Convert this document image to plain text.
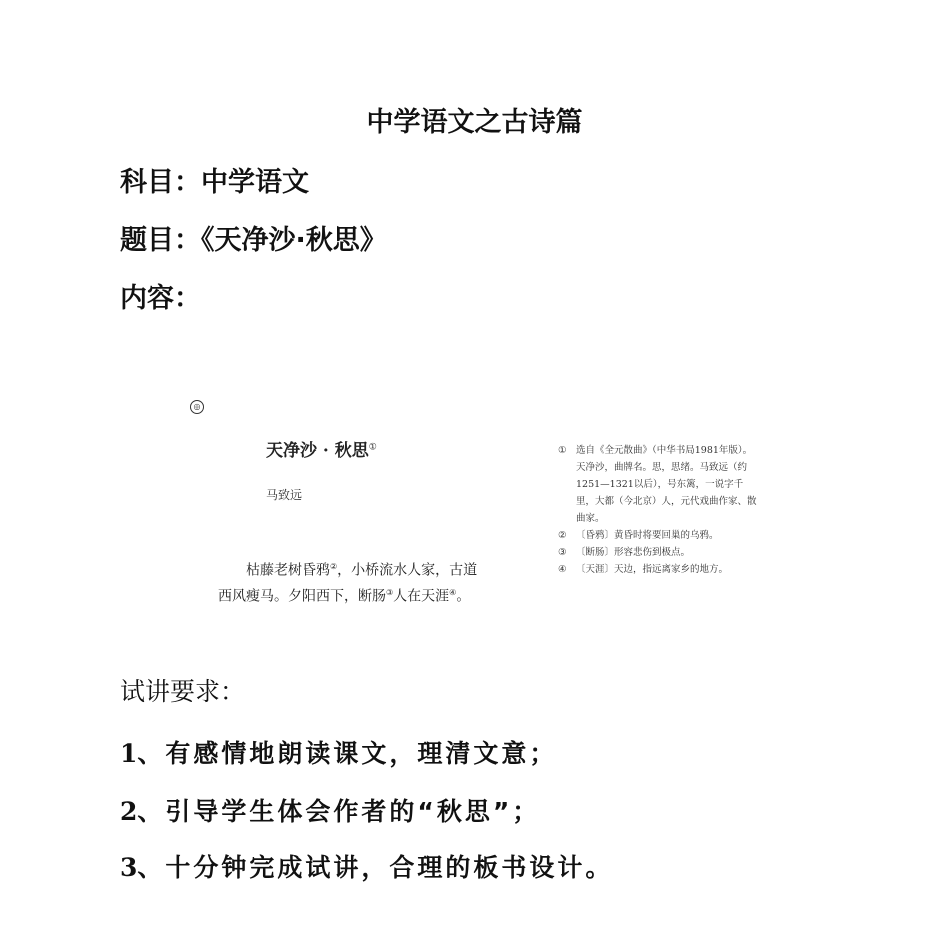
中学语文之古诗篇
科目：中学语文
题目：《天净沙·秋思》
内容：
◎
天净沙 · 秋思①
马致远
枯藤老树昏鸦②，小桥流水人家，古道
西风瘦马。夕阳西下，断肠③人在天涯④。
① 选自《全元散曲》（中华书局1981年版）。天净沙，曲牌名。思，思绪。马致远（约1251—1321以后），号东篱，一说字千里，大都（今北京）人，元代戏曲作家、散曲家。
② 〔昏鸦〕黄昏时将要回巢的乌鸦。
③ 〔断肠〕形容悲伤到极点。
④ 〔天涯〕天边，指远离家乡的地方。
试讲要求：
1、有感情地朗读课文，理清文意；
2、引导学生体会作者的“秋思”；
3、十分钟完成试讲，合理的板书设计。
